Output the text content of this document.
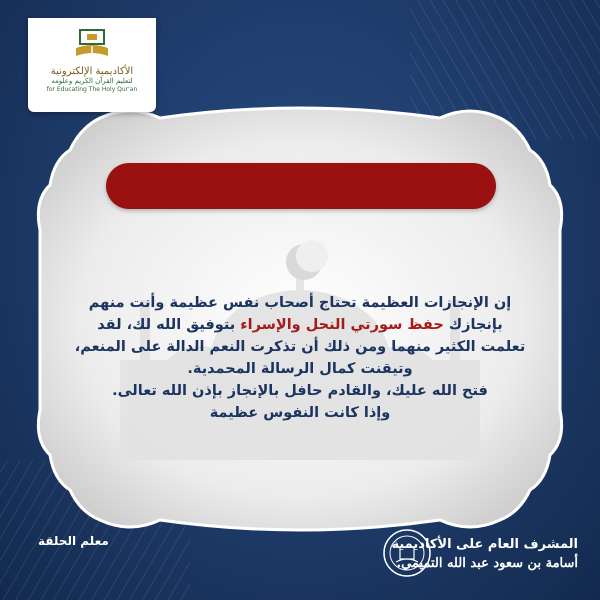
الأكاديمية الإلكترونية
لتعليم القرآن الكريم وعلومه
for Educating The Holy Qur'an
إن الإنجازات العظيمة تحتاج أصحاب نفس عظيمة وأنت منهم
بإنجازك حفظ سورتي النحل والإسراء بتوفيق الله لك، لقد
تعلمت الكثير منهما ومن ذلك أن تذكرت النعم الدالة على المنعم،
وتيقنت كمال الرسالة المحمدية.
فتح الله عليك، والقادم حافل بالإنجاز بإذن الله تعالى.
وإذا كانت النفوس عظيمة
المشرف العام على الأكاديمية
أسامة بن سعود عبد الله التميمي.
معلم الحلقة
